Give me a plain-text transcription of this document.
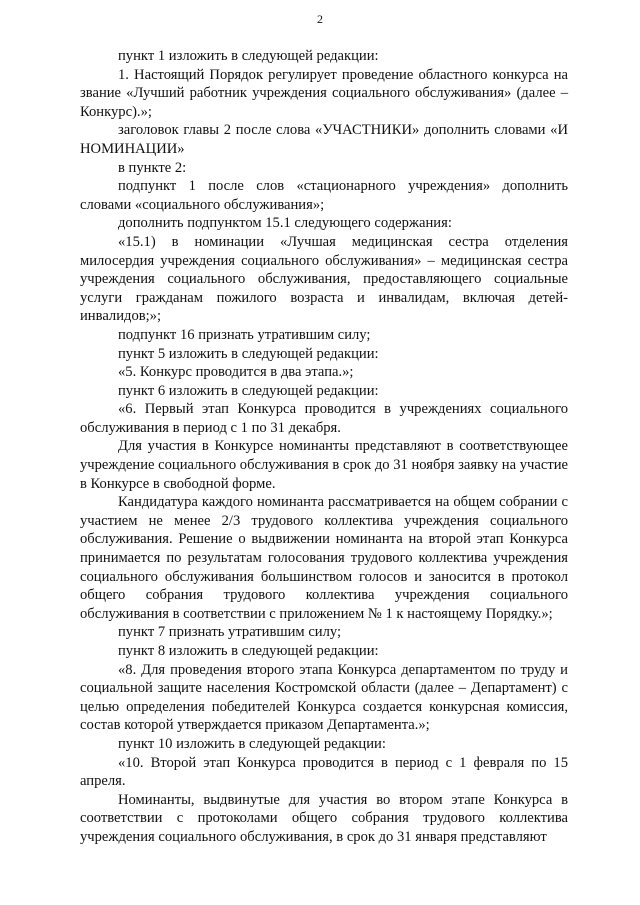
2

пункт 1 изложить в следующей редакции:

1. Настоящий Порядок регулирует проведение областного конкурса на звание «Лучший работник учреждения социального обслуживания» (далее – Конкурс).»;

заголовок главы 2 после слова «УЧАСТНИКИ» дополнить словами «И НОМИНАЦИИ»

в пункте 2:

подпункт 1 после слов «стационарного учреждения» дополнить словами «социального обслуживания»;

дополнить подпунктом 15.1 следующего содержания:

«15.1) в номинации «Лучшая медицинская сестра отделения милосердия учреждения социального обслуживания» – медицинская сестра учреждения социального обслуживания, предоставляющего социальные услуги гражданам пожилого возраста и инвалидам, включая детей-инвалидов;»;

подпункт 16 признать утратившим силу;

пункт 5 изложить в следующей редакции:

«5. Конкурс проводится в два этапа.»;

пункт 6 изложить в следующей редакции:

«6. Первый этап Конкурса проводится в учреждениях социального обслуживания в период с 1 по 31 декабря.

Для участия в Конкурсе номинанты представляют в соответствующее учреждение социального обслуживания в срок до 31 ноября заявку на участие в Конкурсе в свободной форме.

Кандидатура каждого номинанта рассматривается на общем собрании с участием не менее 2/3 трудового коллектива учреждения социального обслуживания. Решение о выдвижении номинанта на второй этап Конкурса принимается по результатам голосования трудового коллектива учреждения социального обслуживания большинством голосов и заносится в протокол общего собрания трудового коллектива учреждения социального обслуживания в соответствии с приложением № 1 к настоящему Порядку.»;

пункт 7 признать утратившим силу;

пункт 8 изложить в следующей редакции:

«8. Для проведения второго этапа Конкурса департаментом по труду и социальной защите населения Костромской области (далее – Департамент) с целью определения победителей Конкурса создается конкурсная комиссия, состав которой утверждается приказом Департамента.»;

пункт 10 изложить в следующей редакции:

«10. Второй этап Конкурса проводится в период с 1 февраля по 15 апреля.

Номинанты, выдвинутые для участия во втором этапе Конкурса в соответствии с протоколами общего собрания трудового коллектива учреждения социального обслуживания, в срок до 31 января представляют
